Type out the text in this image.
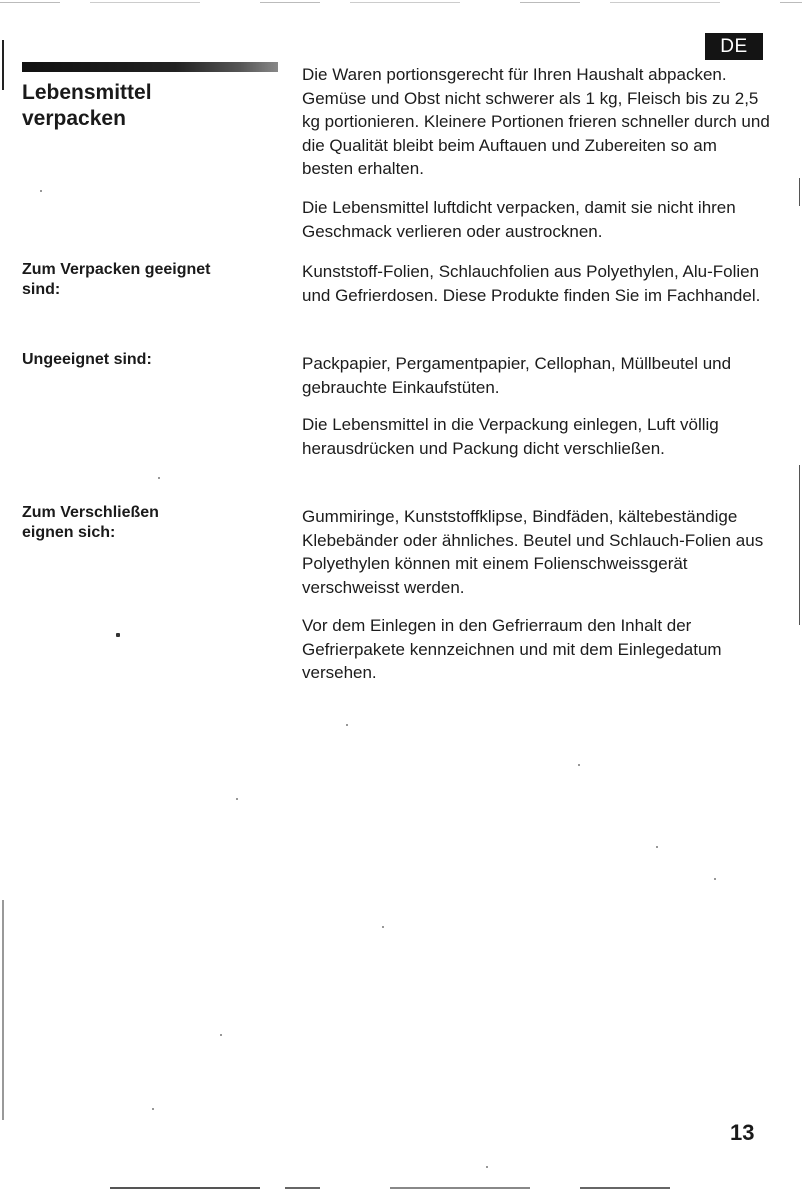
DE
Lebensmittel
verpacken
Zum Verpacken geeignet
sind:
Ungeeignet sind:
Zum Verschließen
eignen sich:

Die Waren portionsgerecht für Ihren Haushalt abpacken. Gemüse und Obst nicht schwerer als 1 kg, Fleisch bis zu 2,5 kg portionieren. Kleinere Portionen frieren schneller durch und die Qualität bleibt beim Auftauen und Zubereiten so am besten erhalten.

Die Lebensmittel luftdicht verpacken, damit sie nicht ihren Geschmack verlieren oder austrocknen.

Kunststoff-Folien, Schlauchfolien aus Polyethylen, Alu-Folien und Gefrierdosen. Diese Produkte finden Sie im Fachhandel.

Packpapier, Pergamentpapier, Cellophan, Müllbeutel und gebrauchte Einkaufstüten.

Die Lebensmittel in die Verpackung einlegen, Luft völlig herausdrücken und Packung dicht verschließen.

Gummiringe, Kunststoffklipse, Bindfäden, kältebeständige Klebebänder oder ähnliches. Beutel und Schlauch-Folien aus Polyethylen können mit einem Folienschweissgerät verschweisst werden.

Vor dem Einlegen in den Gefrierraum den Inhalt der Gefrierpakete kennzeichnen und mit dem Einlegedatum versehen.

13
